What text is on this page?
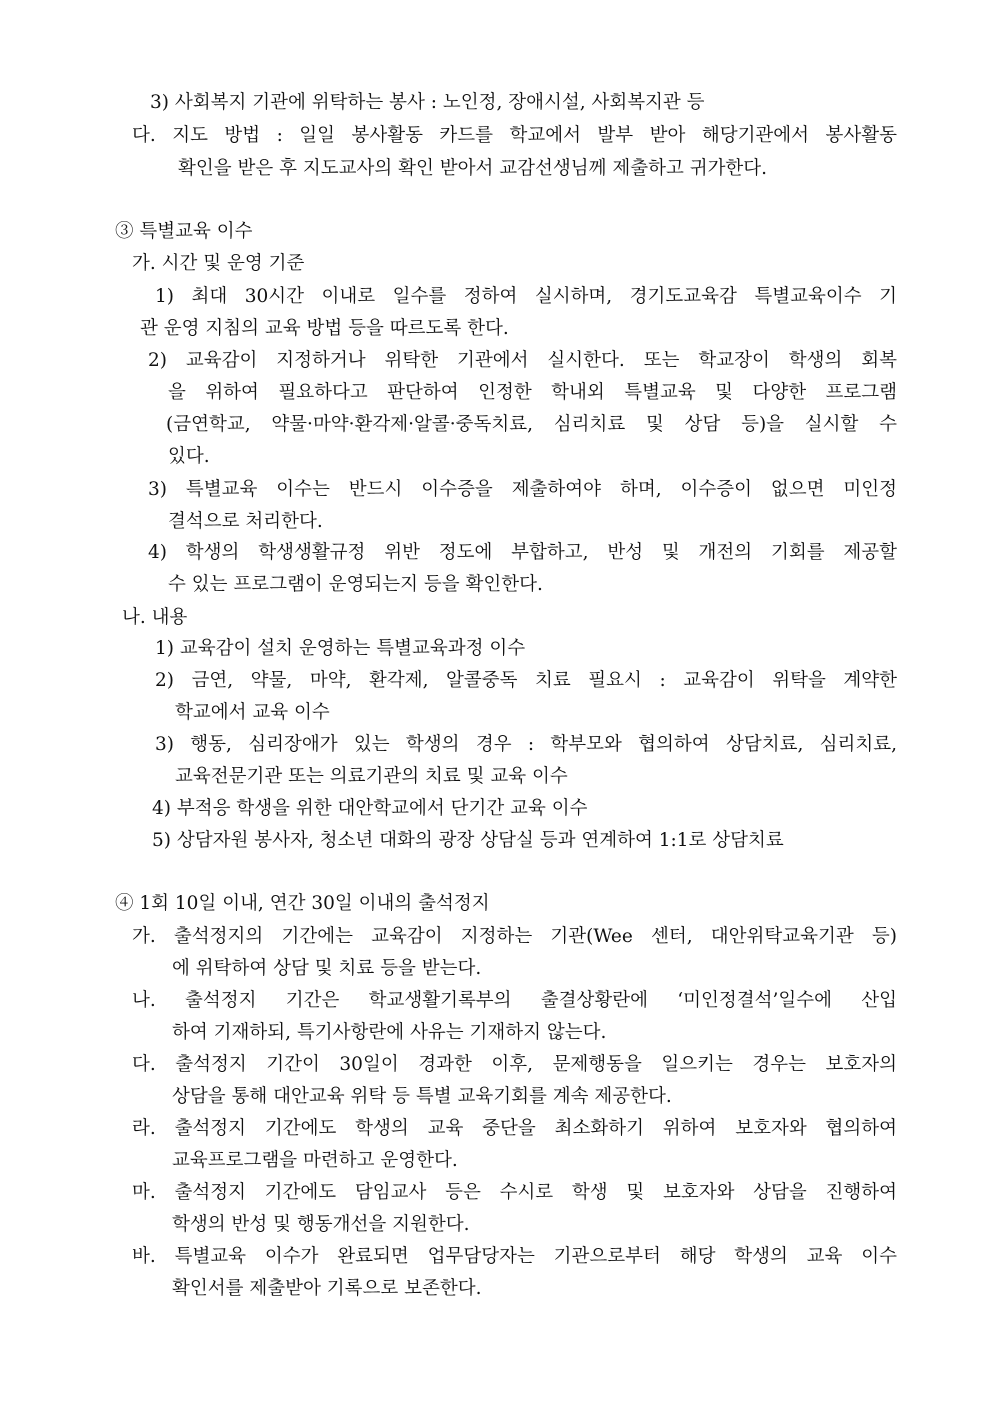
3) 사회복지 기관에 위탁하는 봉사 : 노인정, 장애시설, 사회복지관 등
다. 지도 방법 : 일일 봉사활동 카드를 학교에서 발부 받아 해당기관에서 봉사활동
확인을 받은 후 지도교사의 확인 받아서 교감선생님께 제출하고 귀가한다.
③ 특별교육 이수
가. 시간 및 운영 기준
1) 최대 30시간 이내로 일수를 정하여 실시하며, 경기도교육감 특별교육이수 기
관 운영 지침의 교육 방법 등을 따르도록 한다.
2) 교육감이 지정하거나 위탁한 기관에서 실시한다. 또는 학교장이 학생의 회복
을 위하여 필요하다고 판단하여 인정한 학내외 특별교육 및 다양한 프로그램
(금연학교, 약물·마약·환각제·알콜·중독치료, 심리치료 및 상담 등)을 실시할 수
있다.
3) 특별교육 이수는 반드시 이수증을 제출하여야 하며, 이수증이 없으면 미인정
결석으로 처리한다.
4) 학생의 학생생활규정 위반 정도에 부합하고, 반성 및 개전의 기회를 제공할
수 있는 프로그램이 운영되는지 등을 확인한다.
나. 내용
1) 교육감이 설치 운영하는 특별교육과정 이수
2) 금연, 약물, 마약, 환각제, 알콜중독 치료 필요시 : 교육감이 위탁을 계약한
학교에서 교육 이수
3) 행동, 심리장애가 있는 학생의 경우 : 학부모와 협의하여 상담치료, 심리치료,
교육전문기관 또는 의료기관의 치료 및 교육 이수
4) 부적응 학생을 위한 대안학교에서 단기간 교육 이수
5) 상담자원 봉사자, 청소년 대화의 광장 상담실 등과 연계하여 1:1로 상담치료
④ 1회 10일 이내, 연간 30일 이내의 출석정지
가. 출석정지의 기간에는 교육감이 지정하는 기관(Wee 센터, 대안위탁교육기관 등)
에 위탁하여 상담 및 치료 등을 받는다.
나. 출석정지 기간은 학교생활기록부의 출결상황란에 ‘미인정결석’일수에 산입
하여 기재하되, 특기사항란에 사유는 기재하지 않는다.
다. 출석정지 기간이 30일이 경과한 이후, 문제행동을 일으키는 경우는 보호자의
상담을 통해 대안교육 위탁 등 특별 교육기회를 계속 제공한다.
라. 출석정지 기간에도 학생의 교육 중단을 최소화하기 위하여 보호자와 협의하여
교육프로그램을 마련하고 운영한다.
마. 출석정지 기간에도 담임교사 등은 수시로 학생 및 보호자와 상담을 진행하여
학생의 반성 및 행동개선을 지원한다.
바. 특별교육 이수가 완료되면 업무담당자는 기관으로부터 해당 학생의 교육 이수
확인서를 제출받아 기록으로 보존한다.
